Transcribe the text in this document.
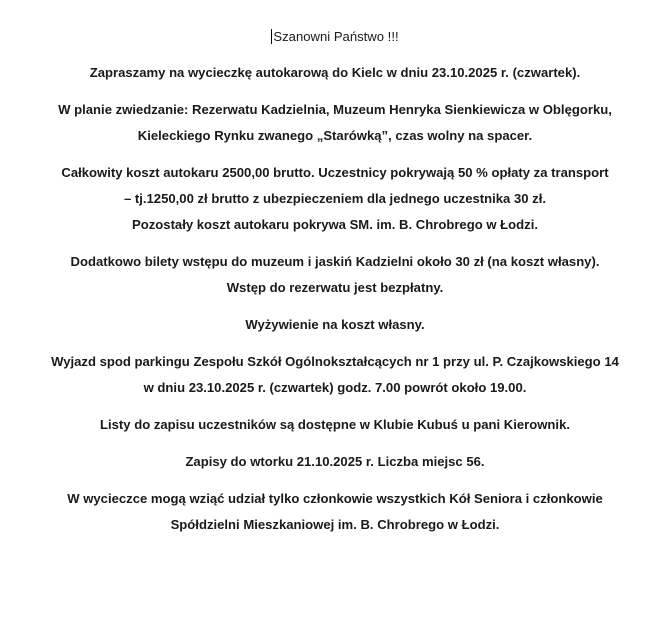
Szanowni Państwo !!!

Zapraszamy na wycieczkę autokarową do Kielc w dniu 23.10.2025 r. (czwartek).

W planie zwiedzanie: Rezerwatu Kadzielnia, Muzeum Henryka Sienkiewicza w Oblęgorku,
Kieleckiego Rynku zwanego „Starówką”, czas wolny na spacer.

Całkowity koszt autokaru 2500,00 brutto. Uczestnicy pokrywają 50 % opłaty za transport
– tj.1250,00 zł brutto z ubezpieczeniem dla jednego uczestnika 30 zł.
Pozostały koszt autokaru pokrywa SM. im. B. Chrobrego w Łodzi.

Dodatkowo bilety wstępu do muzeum i jaskiń Kadzielni około 30 zł (na koszt własny).
Wstęp do rezerwatu jest bezpłatny.

Wyżywienie na koszt własny.

Wyjazd spod parkingu Zespołu Szkół Ogólnokształcących nr 1 przy ul. P. Czajkowskiego 14
w dniu 23.10.2025 r. (czwartek) godz. 7.00 powrót około 19.00.

Listy do zapisu uczestników są dostępne w Klubie Kubuś u pani Kierownik.

Zapisy do wtorku 21.10.2025 r. Liczba miejsc 56.

W wycieczce mogą wziąć udział tylko członkowie wszystkich Kół Seniora i członkowie
Spółdzielni Mieszkaniowej im. B. Chrobrego w Łodzi.
